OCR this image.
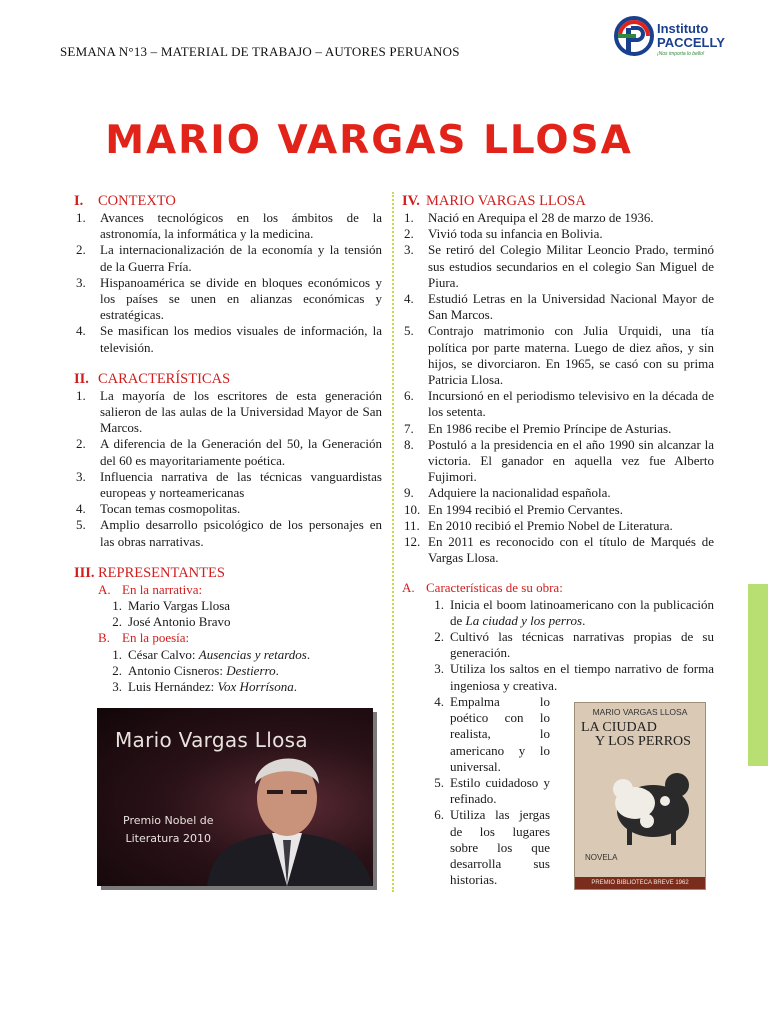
SEMANA N°13 – MATERIAL DE TRABAJO – AUTORES PERUANOS
Instituto
PACCELLY
¡Nos importa lo bello!
MARIO VARGAS LLOSA
I.	CONTEXTO
1.	Avances tecnológicos en los ámbitos de la astronomía, la informática y la medicina.
2.	La internacionalización de la economía y la tensión de la Guerra Fría.
3.	Hispanoamérica se divide en bloques económicos y los países se unen en alianzas económicas y estratégicas.
4.	Se masifican los medios visuales de información, la televisión.
II. CARACTERÍSTICAS
1.	La mayoría de los escritores de esta generación salieron de las aulas de la Universidad Mayor de San Marcos.
2.	A diferencia de la Generación del 50, la Generación del 60 es mayoritariamente poética.
3.	Influencia narrativa de las técnicas vanguardistas europeas y norteamericanas
4.	Tocan temas cosmopolitas.
5.	Amplio desarrollo psicológico de los personajes en las obras narrativas.
III. REPRESENTANTES
A. En la narrativa:
1. Mario Vargas Llosa
2. José Antonio Bravo
B. En la poesía:
1. César Calvo: Ausencias y retardos.
2. Antonio Cisneros: Destierro.
3. Luis Hernández: Vox Horrísona.
Mario Vargas Llosa
Premio Nobel de
Literatura 2010
IV. MARIO VARGAS LLOSA
1.	Nació en Arequipa el 28 de marzo de 1936.
2.	Vivió toda su infancia en Bolivia.
3.	Se retiró del Colegio Militar Leoncio Prado, terminó sus estudios secundarios en el colegio San Miguel de Piura.
4.	Estudió Letras en la Universidad Nacional Mayor de San Marcos.
5.	Contrajo matrimonio con Julia Urquidi, una tía política por parte materna. Luego de diez años, y sin hijos, se divorciaron. En 1965, se casó con su prima Patricia Llosa.
6.	Incursionó en el periodismo televisivo en la década de los setenta.
7.	En 1986 recibe el Premio Príncipe de Asturias.
8.	Postuló a la presidencia en el año 1990 sin alcanzar la victoria. El ganador en aquella vez fue Alberto Fujimori.
9.	Adquiere la nacionalidad española.
10. En 1994 recibió el Premio Cervantes.
11. En 2010 recibió el Premio Nobel de Literatura.
12. En 2011 es reconocido con el título de Marqués de Vargas Llosa.
A. Características de su obra:
1. Inicia el boom latinoamericano con la publicación de La ciudad y los perros.
2. Cultivó las técnicas narrativas propias de su generación.
3. Utiliza los saltos en el tiempo narrativo de forma ingeniosa y creativa.
4. Empalma lo poético con lo realista, lo americano y lo universal.
5. Estilo cuidadoso y refinado.
6. Utiliza las jergas de los lugares sobre los que desarrolla sus historias.
MARIO VARGAS LLOSA
LA CIUDAD
Y LOS PERROS
NOVELA
PREMIO BIBLIOTECA BREVE 1962
